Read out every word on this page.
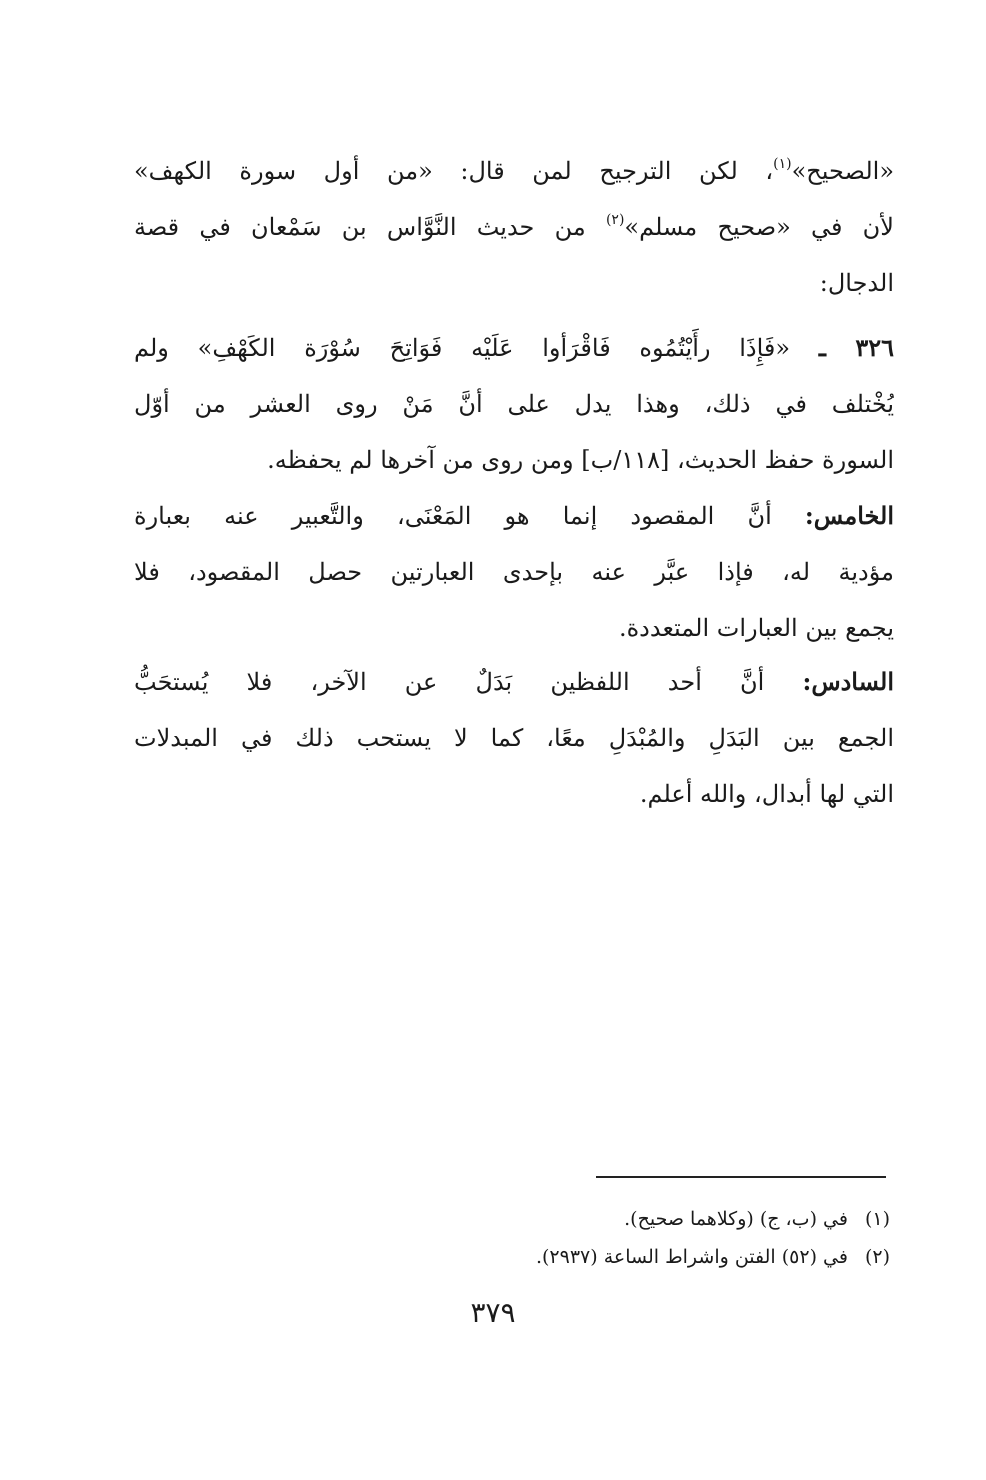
«الصحيح»$^{(١)}$، لكن الترجيح لمن قال: «من أول سورة الكهف»
لأن في «صحيح مسلم»$^{(٢)}$ من حديث النَّوَّاس بن سَمْعان في قصة
الدجال:
٣٢٦ ـ «فَإِذَا رأَيْتُمُوه فَاقْرَأوا عَلَيْه فَوَاتِحَ سُوْرَة الكَهْفِ» ولم
يُخْتلف في ذلك، وهذا يدل على أنَّ مَنْ روى العشر من أوّل
السورة حفظ الحديث، [١١٨/ب] ومن روى من آخرها لم يحفظه.
الخامس: أنَّ المقصود إنما هو المَعْنَى، والتَّعبير عنه بعبارة
مؤدية له، فإذا عبَّر عنه بإحدى العبارتين حصل المقصود، فلا
يجمع بين العبارات المتعددة.
السادس: أنَّ أحد اللفظين بَدَلٌ عن الآخر، فلا يُستحَبُّ
الجمع بين البَدَلِ والمُبْدَلِ معًا، كما لا يستحب ذلك في المبدلات
التي لها أبدال، والله أعلم.
(١) في (ب، ج) (وكلاهما صحيح).
(٢) في (٥٢) الفتن واشراط الساعة (٢٩٣٧).
٣٧٩
